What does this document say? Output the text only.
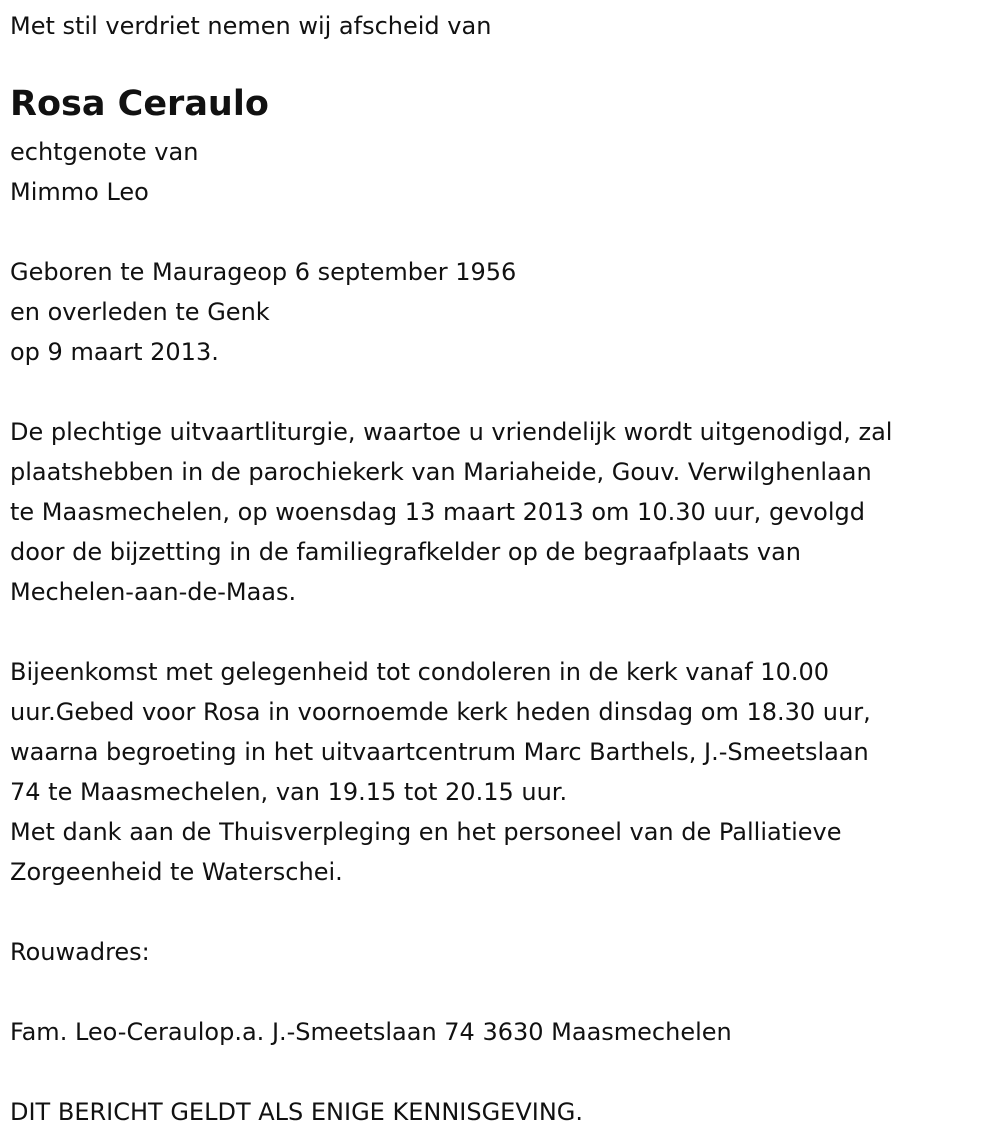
Met stil verdriet nemen wij afscheid van

Rosa Ceraulo

echtgenote van

Mimmo Leo

Geboren te Maurageop 6 september 1956

en overleden te Genk

op 9 maart 2013.

De plechtige uitvaartliturgie, waartoe u vriendelijk wordt uitgenodigd, zal

plaatshebben in de parochiekerk van Mariaheide, Gouv. Verwilghenlaan

te Maasmechelen, op woensdag 13 maart 2013 om 10.30 uur, gevolgd

door de bijzetting in de familiegrafkelder op de begraafplaats van

Mechelen-aan-de-Maas.

Bijeenkomst met gelegenheid tot condoleren in de kerk vanaf 10.00

uur.Gebed voor Rosa in voornoemde kerk heden dinsdag om 18.30 uur,

waarna begroeting in het uitvaartcentrum Marc Barthels, J.-Smeetslaan

74 te Maasmechelen, van 19.15 tot 20.15 uur.

Met dank aan de Thuisverpleging en het personeel van de Palliatieve

Zorgeenheid te Waterschei.

Rouwadres:

Fam. Leo-Ceraulop.a. J.-Smeetslaan 74 3630 Maasmechelen

DIT BERICHT GELDT ALS ENIGE KENNISGEVING.
